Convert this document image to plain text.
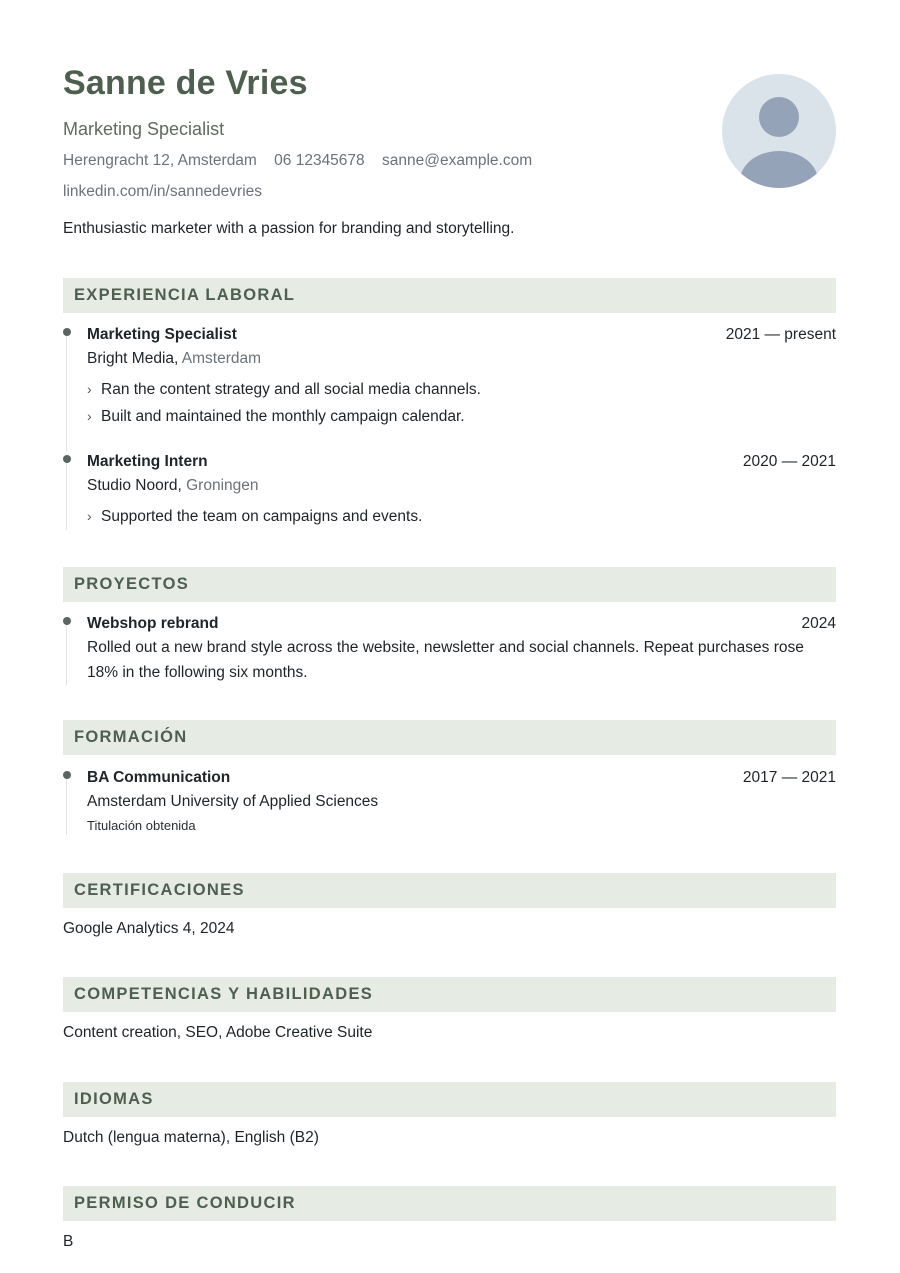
Sanne de Vries
Marketing Specialist
Herengracht 12, Amsterdam 06 12345678 sanne@example.com
linkedin.com/in/sannedevries
Enthusiastic marketer with a passion for branding and storytelling.
EXPERIENCIA LABORAL
Marketing Specialist	2021 — present
Bright Media, Amsterdam
› Ran the content strategy and all social media channels.
› Built and maintained the monthly campaign calendar.
Marketing Intern	2020 — 2021
Studio Noord, Groningen
› Supported the team on campaigns and events.
PROYECTOS
Webshop rebrand	2024
Rolled out a new brand style across the website, newsletter and social channels. Repeat purchases rose 18% in the following six months.
FORMACIÓN
BA Communication	2017 — 2021
Amsterdam University of Applied Sciences
Titulación obtenida
CERTIFICACIONES
Google Analytics 4, 2024
COMPETENCIAS Y HABILIDADES
Content creation, SEO, Adobe Creative Suite
IDIOMAS
Dutch (lengua materna), English (B2)
PERMISO DE CONDUCIR
B
